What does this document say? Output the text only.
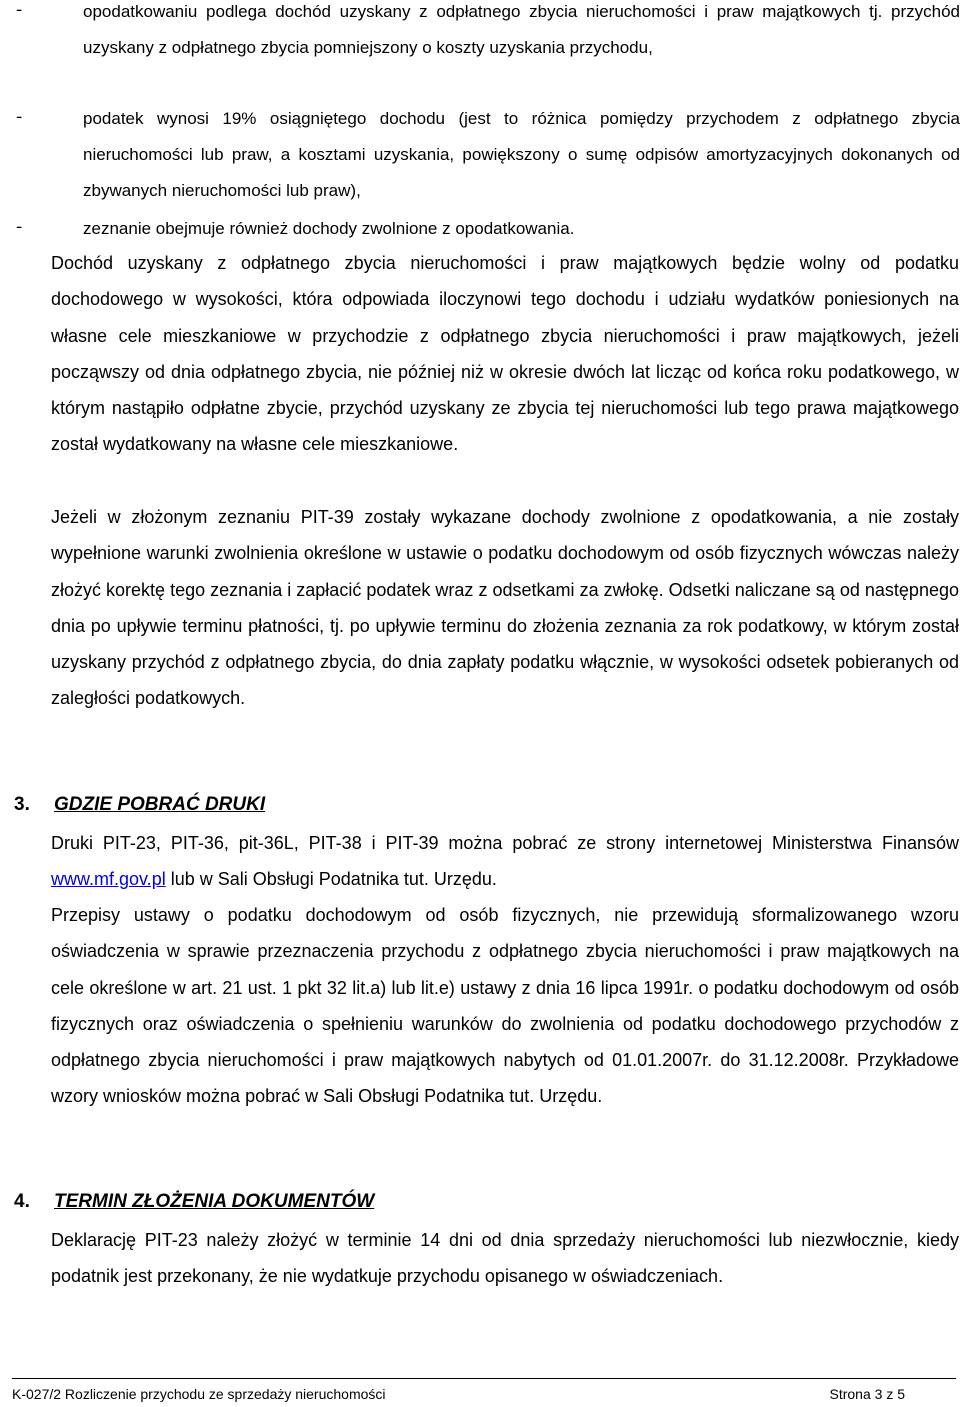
-	opodatkowaniu podlega dochód uzyskany z odpłatnego zbycia nieruchomości i praw majątkowych tj. przychód uzyskany z odpłatnego zbycia pomniejszony o koszty uzyskania przychodu,
-	podatek wynosi 19% osiągniętego dochodu (jest to różnica pomiędzy przychodem z odpłatnego zbycia nieruchomości lub praw, a kosztami uzyskania, powiększony o sumę odpisów amortyzacyjnych dokonanych od zbywanych nieruchomości lub praw),
-	zeznanie obejmuje również dochody zwolnione z opodatkowania.

Dochód uzyskany z odpłatnego zbycia nieruchomości i praw majątkowych będzie wolny od podatku dochodowego w wysokości, która odpowiada iloczynowi tego dochodu i udziału wydatków poniesionych na własne cele mieszkaniowe w przychodzie z odpłatnego zbycia nieruchomości i praw majątkowych, jeżeli począwszy od dnia odpłatnego zbycia, nie później niż w okresie dwóch lat licząc od końca roku podatkowego, w którym nastąpiło odpłatne zbycie, przychód uzyskany ze zbycia tej nieruchomości lub tego prawa majątkowego został wydatkowany na własne cele mieszkaniowe.

Jeżeli w złożonym zeznaniu PIT-39 zostały wykazane dochody zwolnione z opodatkowania, a nie zostały wypełnione warunki zwolnienia określone w ustawie o podatku dochodowym od osób fizycznych wówczas należy złożyć korektę tego zeznania i zapłacić podatek wraz z odsetkami za zwłokę. Odsetki naliczane są od następnego dnia po upływie terminu płatności, tj. po upływie terminu do złożenia zeznania za rok podatkowy, w którym został uzyskany przychód z odpłatnego zbycia, do dnia zapłaty podatku włącznie, w wysokości odsetek pobieranych od zaległości podatkowych.

3. GDZIE POBRAĆ DRUKI

Druki PIT-23, PIT-36, pit-36L, PIT-38 i PIT-39 można pobrać ze strony internetowej Ministerstwa Finansów www.mf.gov.pl lub w Sali Obsługi Podatnika tut. Urzędu.

Przepisy ustawy o podatku dochodowym od osób fizycznych, nie przewidują sformalizowanego wzoru oświadczenia w sprawie przeznaczenia przychodu z odpłatnego zbycia nieruchomości i praw majątkowych na cele określone w art. 21 ust. 1 pkt 32 lit.a) lub lit.e) ustawy z dnia 16 lipca 1991r. o podatku dochodowym od osób fizycznych oraz oświadczenia o spełnieniu warunków do zwolnienia od podatku dochodowego przychodów z odpłatnego zbycia nieruchomości i praw majątkowych nabytych od 01.01.2007r. do 31.12.2008r. Przykładowe wzory wniosków można pobrać w Sali Obsługi Podatnika tut. Urzędu.

4. TERMIN ZŁOŻENIA DOKUMENTÓW

Deklarację PIT-23 należy złożyć w terminie 14 dni od dnia sprzedaży nieruchomości lub niezwłocznie, kiedy podatnik jest przekonany, że nie wydatkuje przychodu opisanego w oświadczeniach.

K-027/2 Rozliczenie przychodu ze sprzedaży nieruchomości	Strona 3 z 5
